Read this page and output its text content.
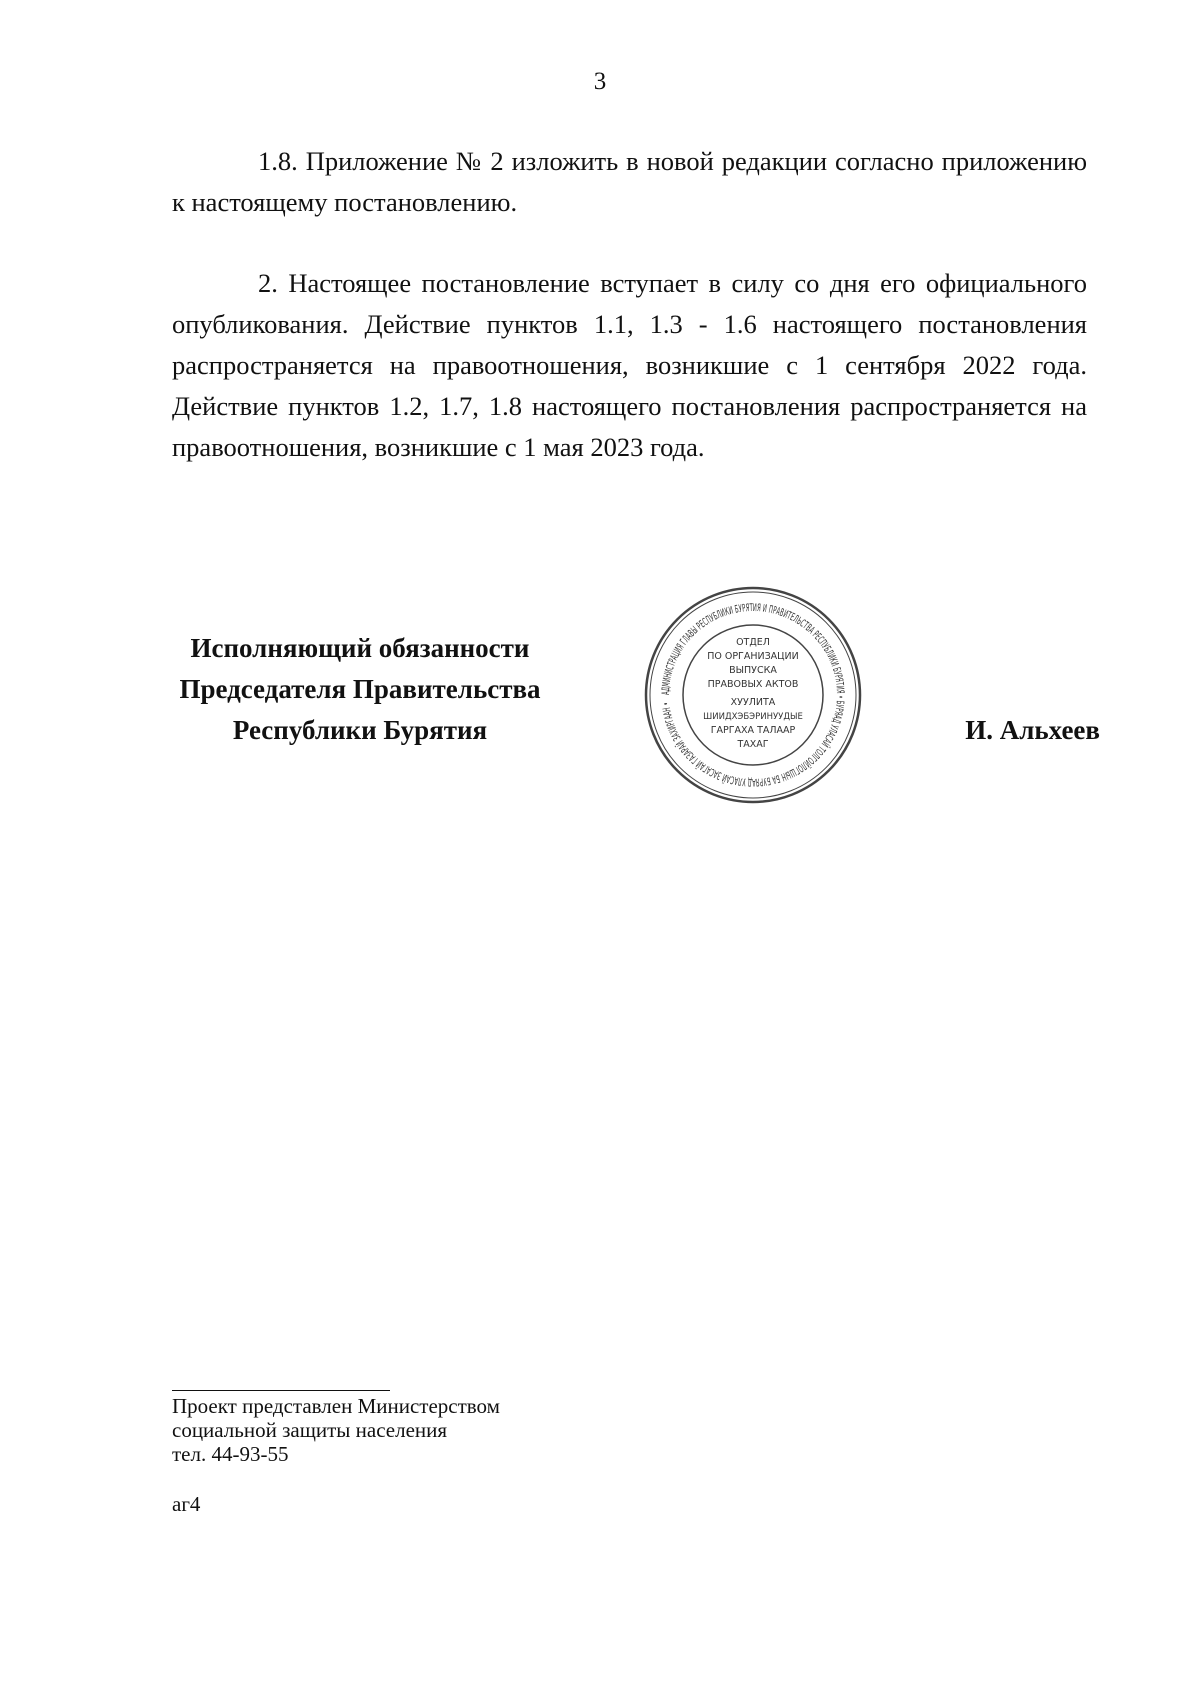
3

1.8. Приложение № 2 изложить в новой редакции согласно приложению к настоящему постановлению.

2. Настоящее постановление вступает в силу со дня его официального опубликования. Действие пунктов 1.1, 1.3 - 1.6 настоящего постановления распространяется на правоотношения, возникшие с 1 сентября 2022 года. Действие пунктов 1.2, 1.7, 1.8 настоящего постановления распространяется на правоотношения, возникшие с 1 мая 2023 года.

Исполняющий обязанности
Председателя Правительства
Республики Бурятия
АДМИНИСТРАЦИЯ ГЛАВЫ РЕСПУБЛИКИ БУРЯТИЯ И ПРАВИТЕЛЬСТВА РЕСПУБЛИКИ БУРЯТИЯ • БУРЯАД УЛАСАЙ ТОЛГОЙЛОГШЫН БА БУРЯАД УЛАСАЙ ЗАСАГАЙ ГАЗАРАЙ ЗАХИРГААН •
ОТДЕЛ
ПО ОРГАНИЗАЦИИ
ВЫПУСКА
ПРАВОВЫХ АКТОВ
ХУУЛИТА
ШИИДХЭБЭРИНУУДЫЕ
ГАРГАХА ТАЛААР
ТАХАГ	И. Альхеев
Проект представлен Министерством
социальной защиты населения
тел. 44-93-55
аг4
